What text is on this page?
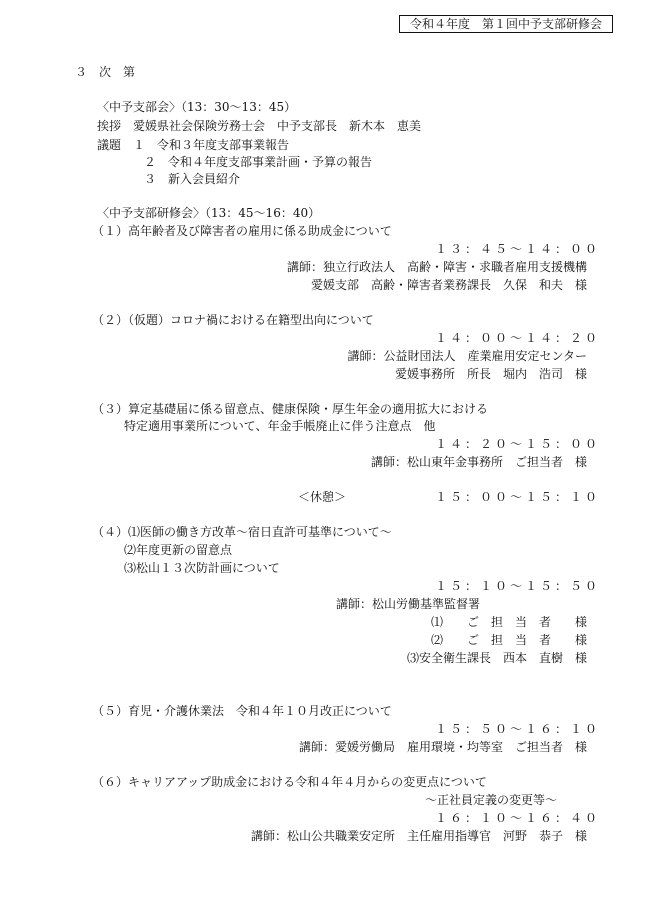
令和４年度　第１回中予支部研修会
３　次　第
〈中予支部会〉（13：30〜13：45）
挨拶　愛媛県社会保険労務士会　中予支部長　新木本　恵美
議題　１　令和３年度支部事業報告
２　令和４年度支部事業計画・予算の報告
３　新入会員紹介
〈中予支部研修会〉（13：45〜16：40）
（１）高年齢者及び障害者の雇用に係る助成金について
１３：４５〜１４：００
講師：独立行政法人　高齢・障害・求職者雇用支援機構
愛媛支部　高齢・障害者業務課長　久保　和夫　様
（２）（仮題）コロナ禍における在籍型出向について
１４：００〜１４：２０
講師：公益財団法人　産業雇用安定センター
愛媛事務所　所長　堀内　浩司　様
（３）算定基礎届に係る留意点、健康保険・厚生年金の適用拡大における
特定適用事業所について、年金手帳廃止に伴う注意点　他
１４：２０〜１５：００
講師：松山東年金事務所　ご担当者　様
＜休憩＞	１５：００〜１５：１０
（４）⑴医師の働き方改革〜宿日直許可基準について〜
⑵年度更新の留意点
⑶松山１３次防計画について
１５：１０〜１５：５０
講師：松山労働基準監督署
⑴　　ご　担　当　者　　様
⑵　　ご　担　当　者　　様
⑶安全衛生課長　西本　直樹　様
（５）育児・介護休業法　令和４年１０月改正について
１５：５０〜１６：１０
講師：愛媛労働局　雇用環境・均等室　ご担当者　様
（６）キャリアアップ助成金における令和４年４月からの変更点について
〜正社員定義の変更等〜
１６：１０〜１６：４０
講師：松山公共職業安定所　主任雇用指導官　河野　恭子　様
